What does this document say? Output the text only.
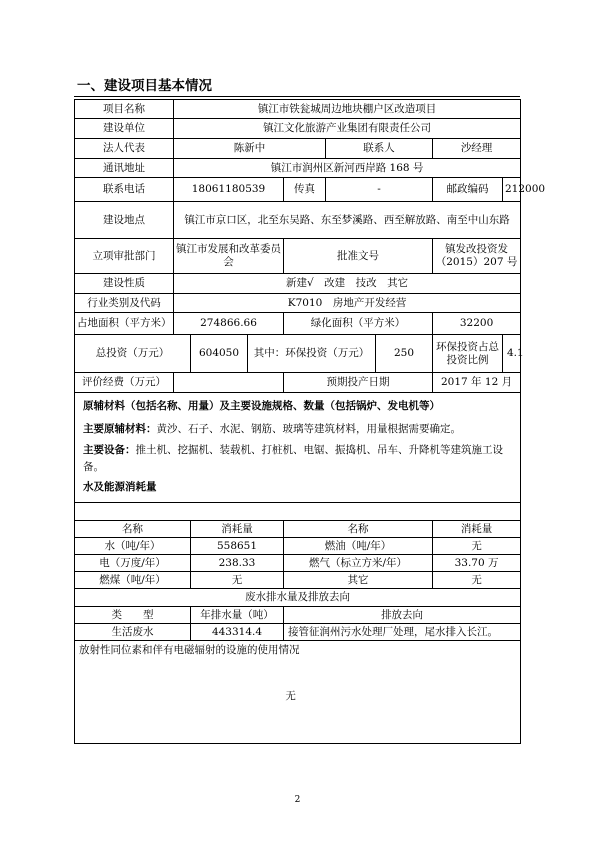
一、建设项目基本情况
项目名称	镇江市铁瓮城周边地块棚户区改造项目							
建设单位	镇江文化旅游产业集团有限责任公司							
法人代表	陈新中				联系人		沙经理	
通讯地址	镇江市润州区新河西岸路 168 号							
联系电话	18061180539			传真	-		邮政编码	212000
建设地点	镇江市京口区，北至东吴路、东至梦溪路、西至解放路、南至中山东路							
立项审批部门	镇江市发展和改革委员会			批准文号			镇发改投资发（2015）207 号	
建设性质	新建√　改建　技改　其它							
行业类别及代码	K7010　房地产开发经营							
占地面积（平方米）	274866.66			绿化面积（平方米）			32200	
总投资（万元）		604050	其中：环保投资（万元）			250	环保投资占总投资比例	4.1
评价经费（万元）				预期投产日期			2017 年 12 月	

原辅材料（包括名称、用量）及主要设施规格、数量（包括锅炉、发电机等）
主要原辅材料：黄沙、石子、水泥、钢筋、玻璃等建筑材料，用量根据需要确定。
主要设备：推土机、挖掘机、装载机、打桩机、电锯、振捣机、吊车、升降机等建筑施工设备。
水及能源消耗量								

名称		消耗量		名称			消耗量	
水（吨/年）		558651		燃油（吨/年）			无	
电（万度/年）		238.33		燃气（标立方米/年）			33.70 万	
燃煤（吨/年）		无		其它			无	
废水排水量及排放去向								
类　　型		年排水量（吨）		排放去向				
生活废水		443314.4		接管征润州污水处理厂处理，尾水排入长江。				

放射性同位素和伴有电磁辐射的设施的使用情况
无								
2
